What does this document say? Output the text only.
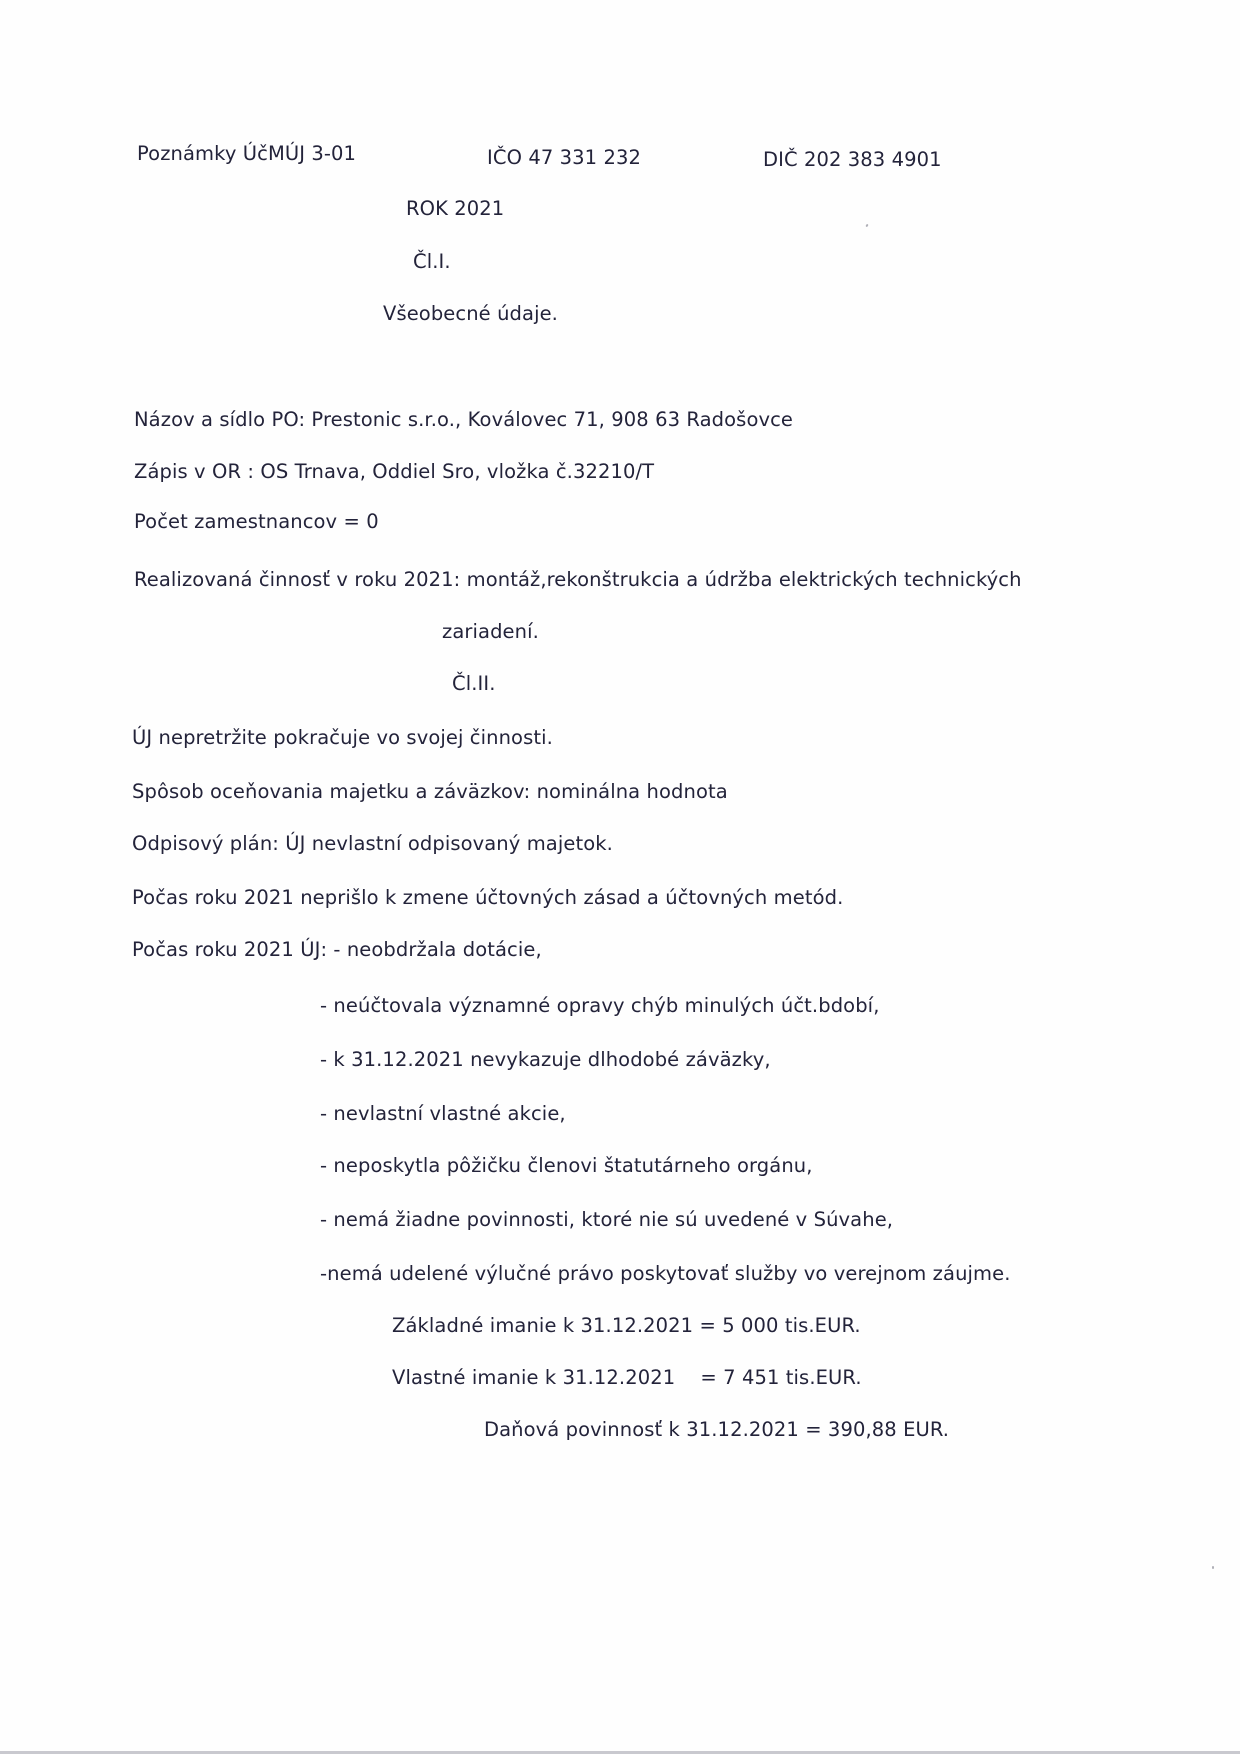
Poznámky ÚčMÚJ 3-01	IČO 47 331 232	DIČ 202 383 4901
ROK 2021
Čl.I.
Všeobecné údaje.
Názov a sídlo PO: Prestonic s.r.o., Koválovec 71, 908 63 Radošovce
Zápis v OR : OS Trnava, Oddiel Sro, vložka č.32210/T
Počet zamestnancov = 0
Realizovaná činnosť v roku 2021: montáž,rekonštrukcia a údržba elektrických technických
zariadení.
Čl.II.
ÚJ nepretržite pokračuje vo svojej činnosti.
Spôsob oceňovania majetku a záväzkov: nominálna hodnota
Odpisový plán: ÚJ nevlastní odpisovaný majetok.
Počas roku 2021 neprišlo k zmene účtovných zásad a účtovných metód.
Počas roku 2021 ÚJ: - neobdržala dotácie,
- neúčtovala významné opravy chýb minulých účt.bdobí,
- k 31.12.2021 nevykazuje dlhodobé záväzky,
- nevlastní vlastné akcie,
- neposkytla pôžičku členovi štatutárneho orgánu,
- nemá žiadne povinnosti, ktoré nie sú uvedené v Súvahe,
-nemá udelené výlučné právo poskytovať služby vo verejnom záujme.
Základné imanie k 31.12.2021 = 5 000 tis.EUR.
Vlastné imanie k 31.12.2021    = 7 451 tis.EUR.
Daňová povinnosť k 31.12.2021 = 390,88 EUR.
